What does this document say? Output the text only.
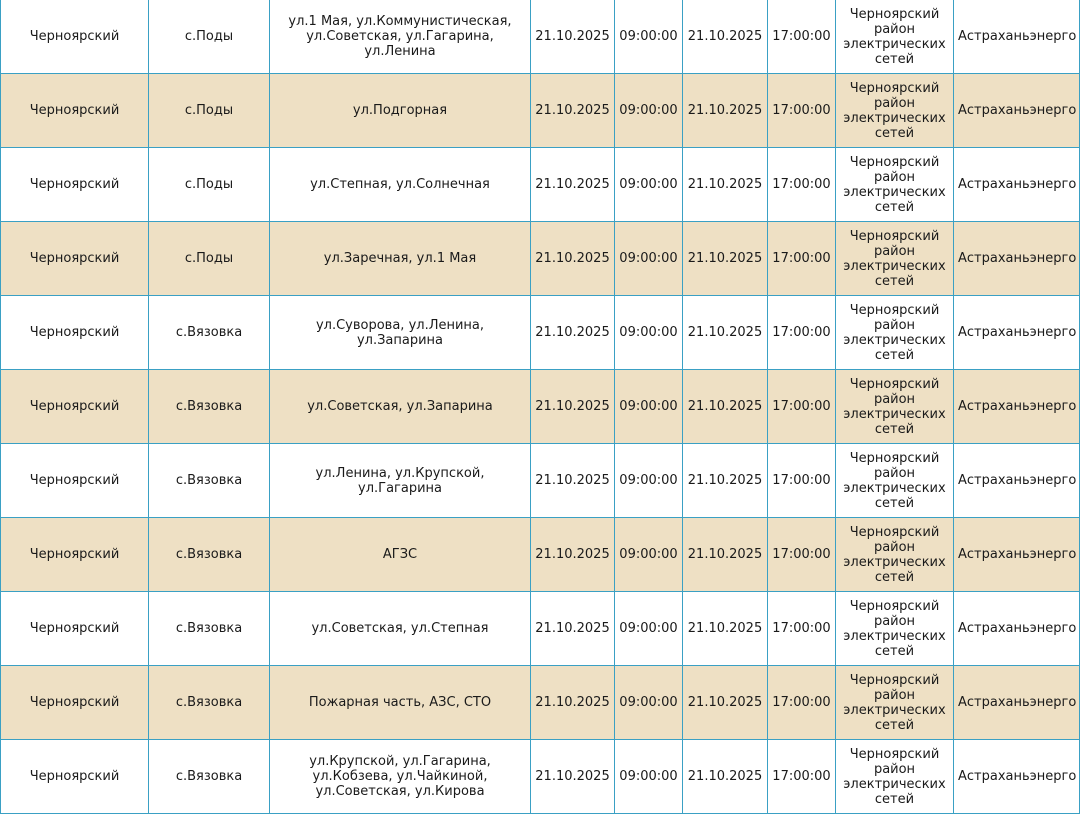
Черноярский	с.Поды	ул.1 Мая, ул.Коммунистическая, ул.Советская, ул.Гагарина, ул.Ленина	21.10.2025	09:00:00	21.10.2025	17:00:00	Черноярский район электрических сетей	Астраханьэнерго
Черноярский	с.Поды	ул.Подгорная	21.10.2025	09:00:00	21.10.2025	17:00:00	Черноярский район электрических сетей	Астраханьэнерго
Черноярский	с.Поды	ул.Степная, ул.Солнечная	21.10.2025	09:00:00	21.10.2025	17:00:00	Черноярский район электрических сетей	Астраханьэнерго
Черноярский	с.Поды	ул.Заречная, ул.1 Мая	21.10.2025	09:00:00	21.10.2025	17:00:00	Черноярский район электрических сетей	Астраханьэнерго
Черноярский	с.Вязовка	ул.Суворова, ул.Ленина, ул.Запарина	21.10.2025	09:00:00	21.10.2025	17:00:00	Черноярский район электрических сетей	Астраханьэнерго
Черноярский	с.Вязовка	ул.Советская, ул.Запарина	21.10.2025	09:00:00	21.10.2025	17:00:00	Черноярский район электрических сетей	Астраханьэнерго
Черноярский	с.Вязовка	ул.Ленина, ул.Крупской, ул.Гагарина	21.10.2025	09:00:00	21.10.2025	17:00:00	Черноярский район электрических сетей	Астраханьэнерго
Черноярский	с.Вязовка	АГЗС	21.10.2025	09:00:00	21.10.2025	17:00:00	Черноярский район электрических сетей	Астраханьэнерго
Черноярский	с.Вязовка	ул.Советская, ул.Степная	21.10.2025	09:00:00	21.10.2025	17:00:00	Черноярский район электрических сетей	Астраханьэнерго
Черноярский	с.Вязовка	Пожарная часть, АЗС, СТО	21.10.2025	09:00:00	21.10.2025	17:00:00	Черноярский район электрических сетей	Астраханьэнерго
Черноярский	с.Вязовка	ул.Крупской, ул.Гагарина, ул.Кобзева, ул.Чайкиной, ул.Советская, ул.Кирова	21.10.2025	09:00:00	21.10.2025	17:00:00	Черноярский район электрических сетей	Астраханьэнерго
